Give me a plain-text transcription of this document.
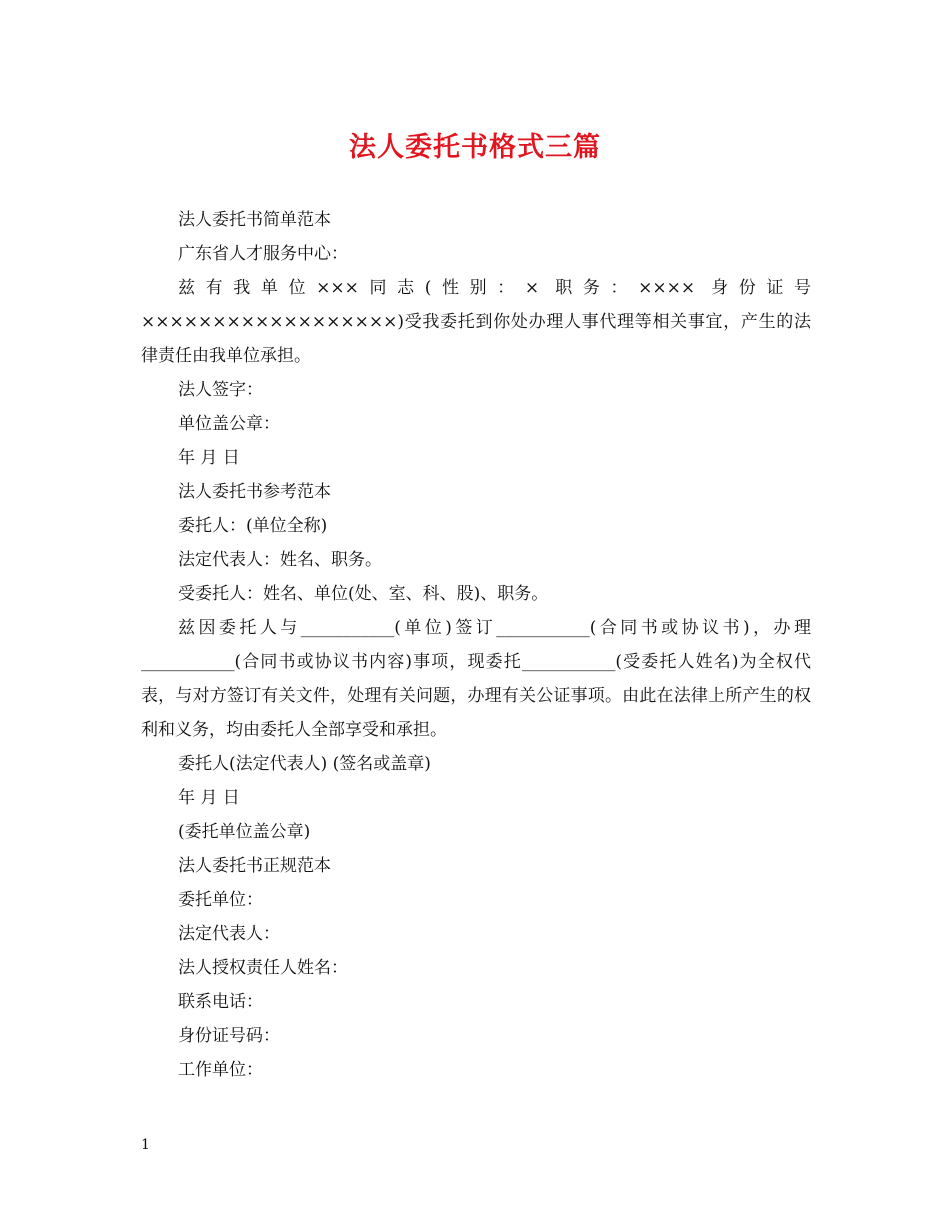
法人委托书格式三篇

法人委托书简单范本

广东省人才服务中心：

兹有我单位×××同志(性别：× 职务：×××× 身份证号××××××××××××××××××)受我委托到你处办理人事代理等相关事宜，产生的法律责任由我单位承担。

法人签字：

单位盖公章：

年 月 日

法人委托书参考范本

委托人：(单位全称)

法定代表人：姓名、职务。

受委托人：姓名、单位(处、室、科、股)、职务。

兹因委托人与___________(单位)签订___________(合同书或协议书)，办理___________(合同书或协议书内容)事项，现委托___________(受委托人姓名)为全权代表，与对方签订有关文件，处理有关问题，办理有关公证事项。由此在法律上所产生的权利和义务，均由委托人全部享受和承担。

委托人(法定代表人) (签名或盖章)

年 月 日

(委托单位盖公章)

法人委托书正规范本

委托单位：

法定代表人：

法人授权责任人姓名：

联系电话：

身份证号码：

工作单位：

1
